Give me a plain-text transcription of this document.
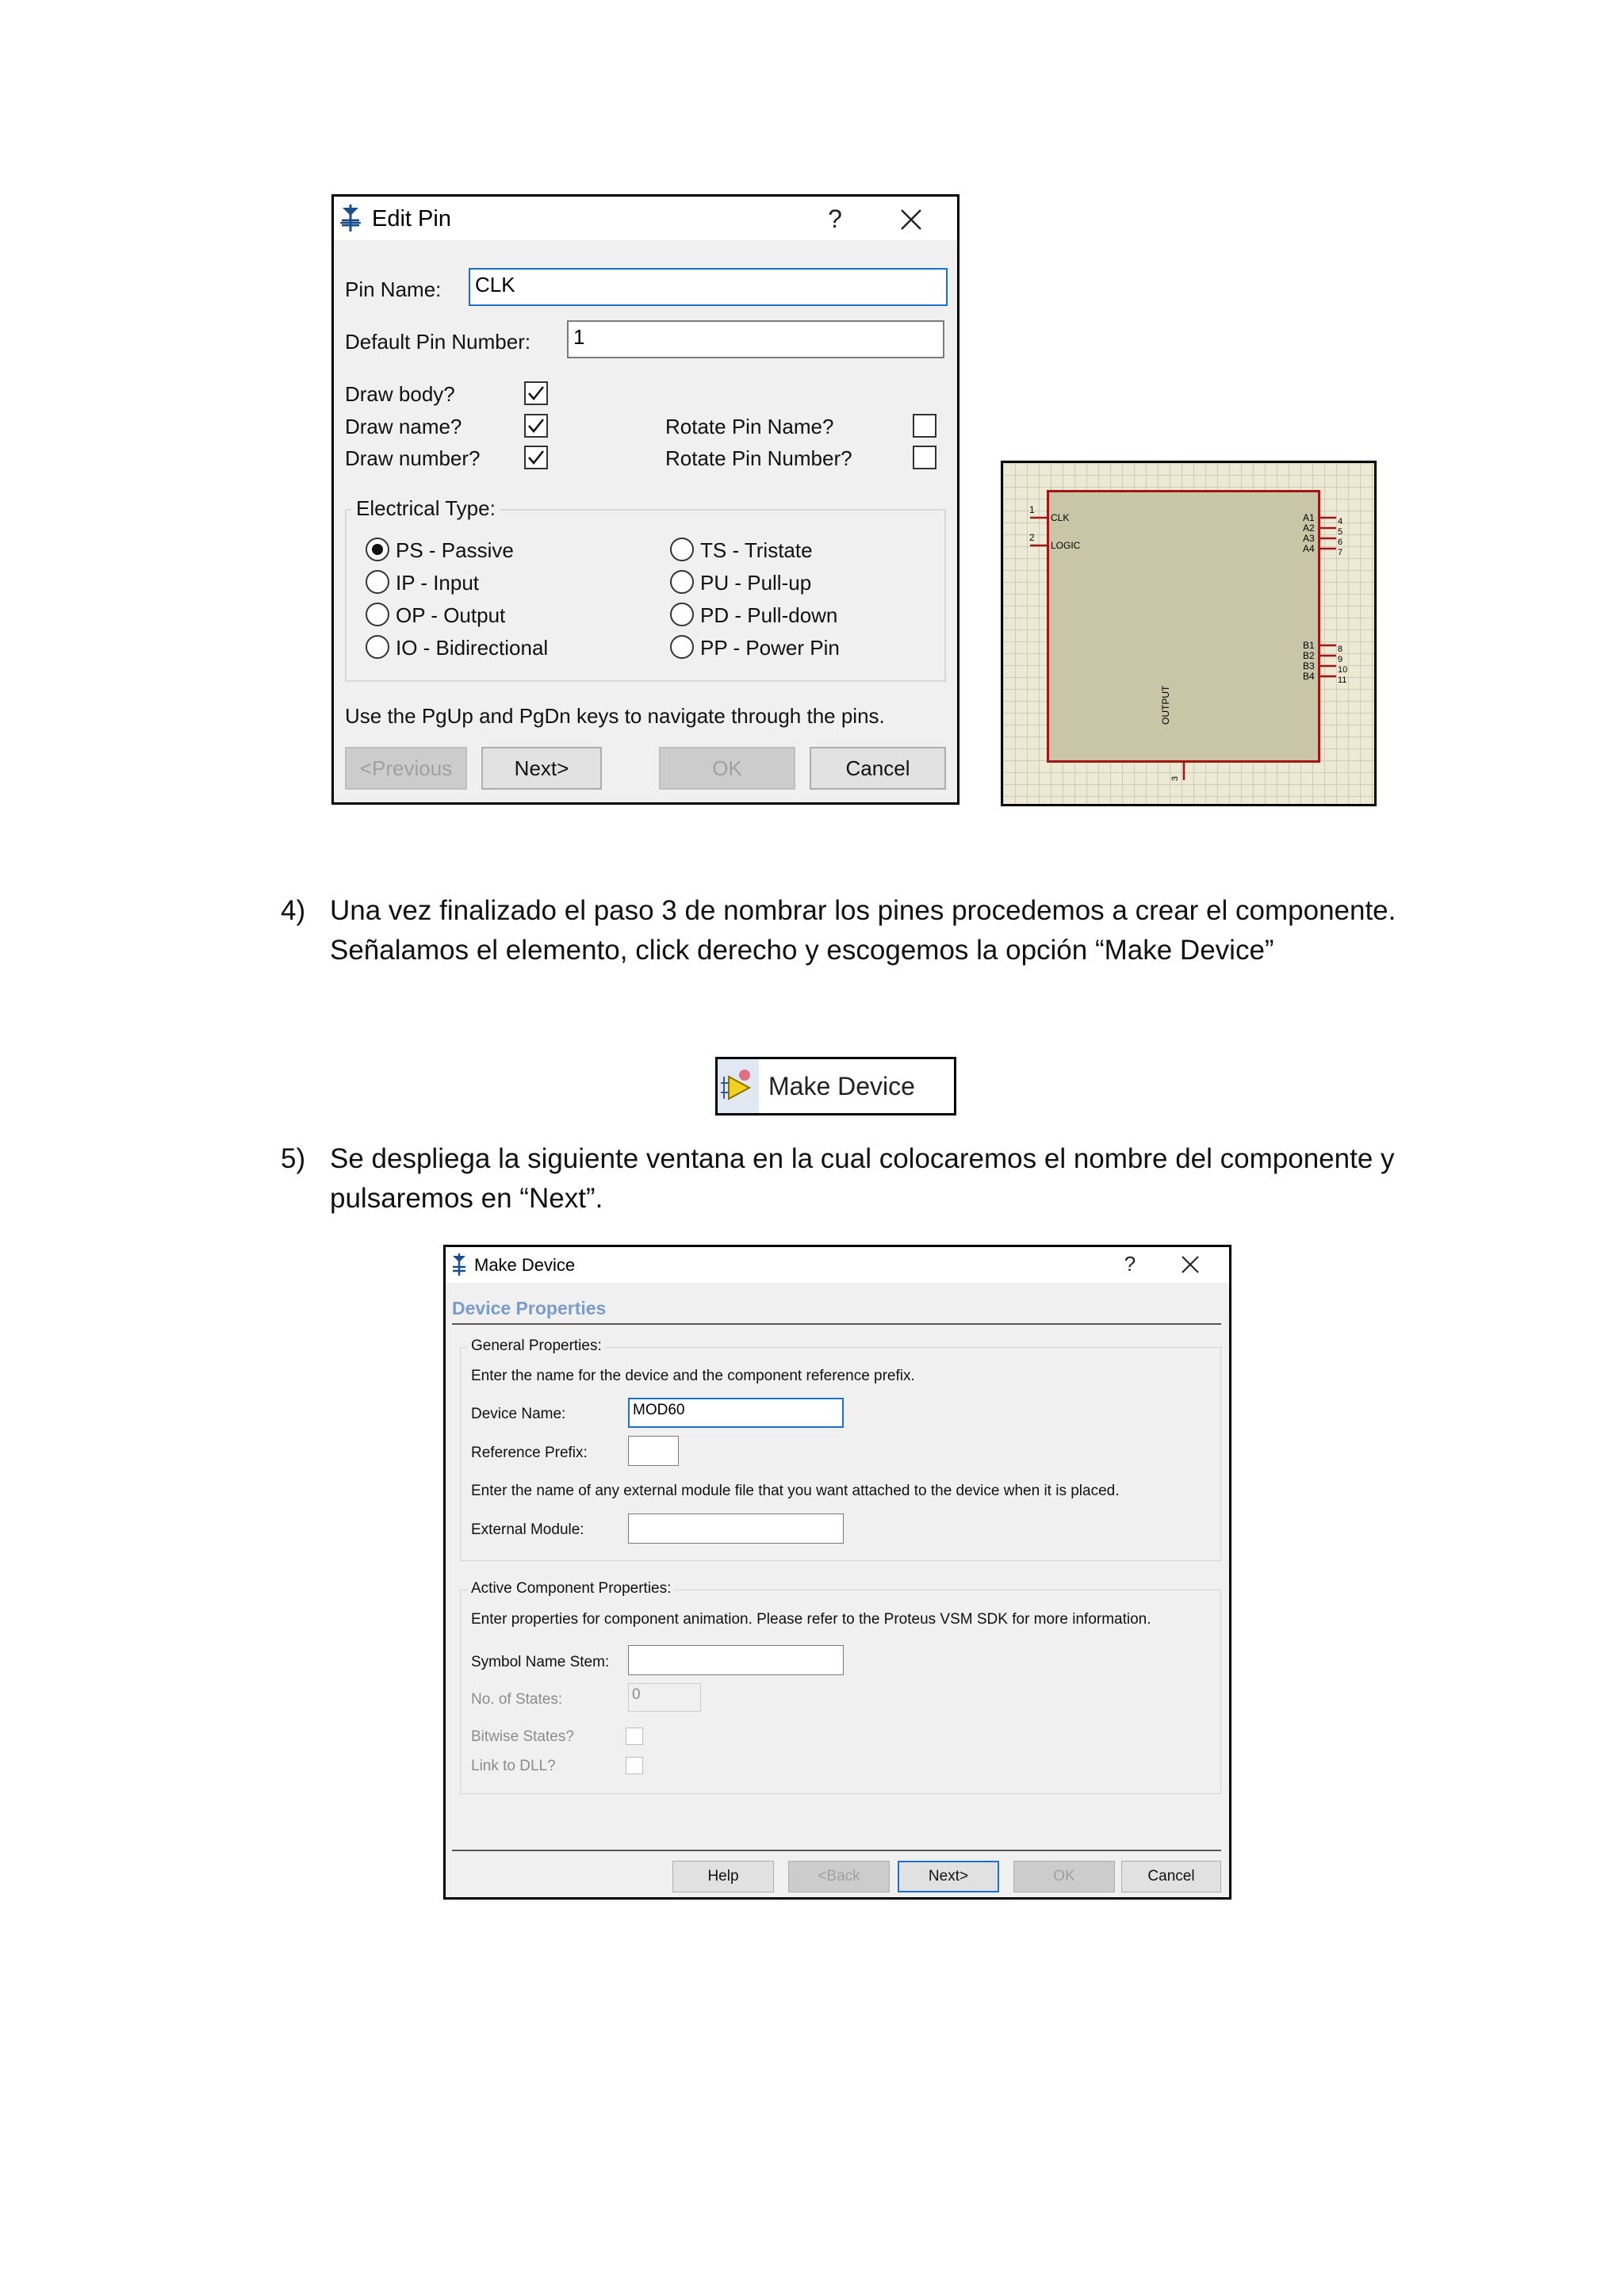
Edit Pin	?
Pin Name:	CLK
Default Pin Number:	1
Draw body?
Draw name?
Draw number?
Rotate Pin Name?
Rotate Pin Number?
Electrical Type:
PS - Passive
IP - Input
OP - Output
IO - Bidirectional
TS - Tristate
PU - Pull-up
PD - Pull-down
PP - Power Pin
Use the PgUp and PgDn keys to navigate through the pins.
<Previous	Next>	OK	Cancel
1
CLK
2
LOGIC
A1	4
A2	5
A3	6
A4	7
B1	8
B2	9
B3	10
B4	11
OUTPUT
3
4) Una vez finalizado el paso 3 de nombrar los pines procedemos a crear el componente.
Señalamos el elemento, click derecho y escogemos la opción “Make Device”
Make Device
5) Se despliega la siguiente ventana en la cual colocaremos el nombre del componente y
pulsaremos en “Next”.
Make Device	?
Device Properties
General Properties:
Enter the name for the device and the component reference prefix.
Device Name:	MOD60
Reference Prefix:
Enter the name of any external module file that you want attached to the device when it is placed.
External Module:
Active Component Properties:
Enter properties for component animation. Please refer to the Proteus VSM SDK for more information.
Symbol Name Stem:
No. of States:	0
Bitwise States?
Link to DLL?
Help	<Back	Next>	OK	Cancel
